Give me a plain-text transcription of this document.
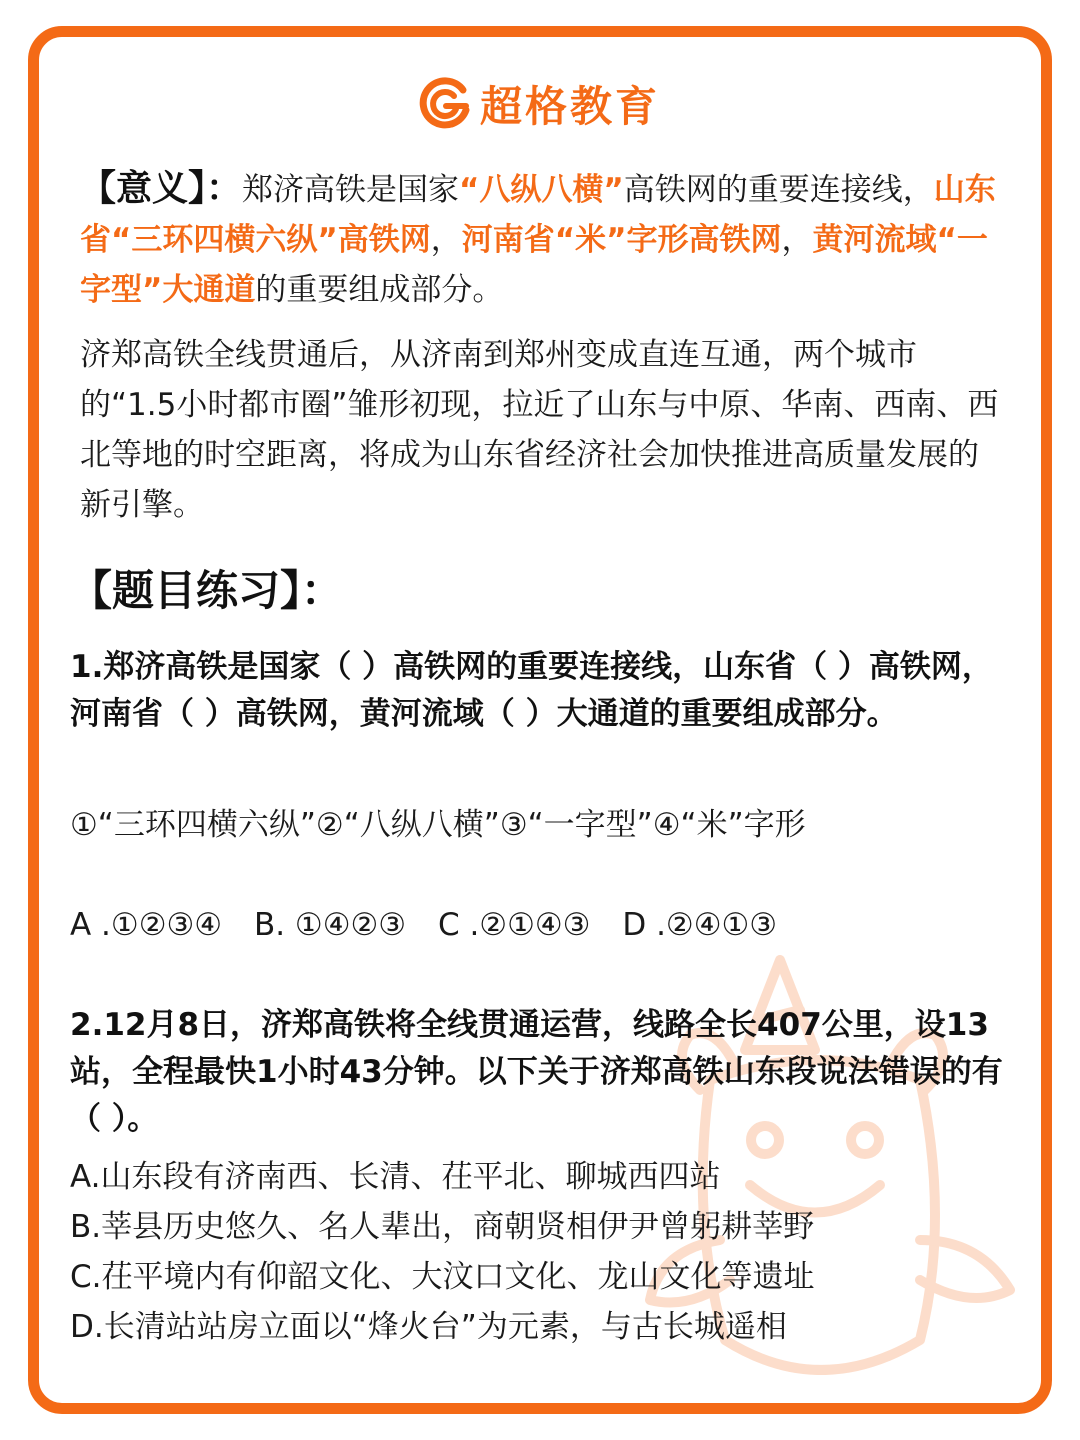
超格教育
【意义】：郑济高铁是国家“八纵八横”高铁网的重要连接线，山东省“三环四横六纵”高铁网，河南省“米”字形高铁网，黄河流域“一字型”大通道的重要组成部分。
济郑高铁全线贯通后，从济南到郑州变成直连互通，两个城市的“1.5小时都市圈”雏形初现，拉近了山东与中原、华南、西南、西北等地的时空距离，将成为山东省经济社会加快推进高质量发展的新引擎。
【题目练习】：
1.郑济高铁是国家（ ）高铁网的重要连接线，山东省（ ）高铁网，河南省（ ）高铁网，黄河流域（ ）大通道的重要组成部分。
①“三环四横六纵”②“八纵八横”③“一字型”④“米”字形
A .①②③④ B. ①④②③ C .②①④③ D .②④①③
2.12月8日，济郑高铁将全线贯通运营，线路全长407公里，设13站，全程最快1小时43分钟。以下关于济郑高铁山东段说法错误的有（ ）。
A.山东段有济南西、长清、茌平北、聊城西四站
B.莘县历史悠久、名人辈出，商朝贤相伊尹曾躬耕莘野
C.茌平境内有仰韶文化、大汶口文化、龙山文化等遗址
D.长清站站房立面以“烽火台”为元素，与古长城遥相
